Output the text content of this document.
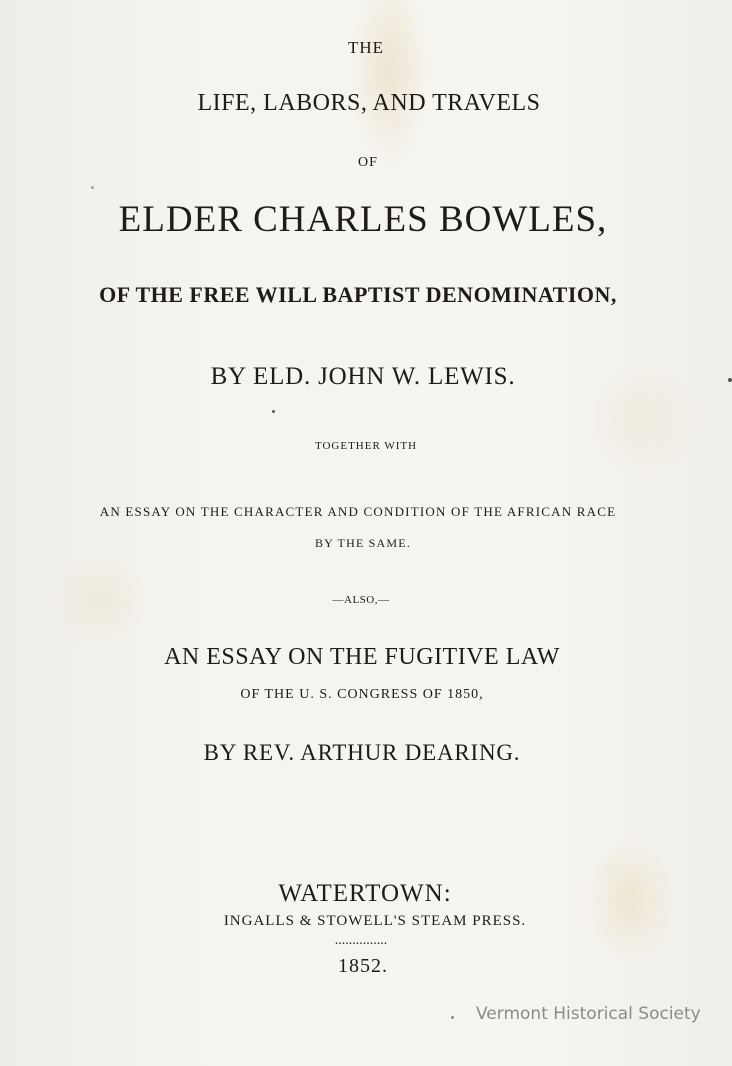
THE
LIFE, LABORS, AND TRAVELS
OF
ELDER CHARLES BOWLES,
OF THE FREE WILL BAPTIST DENOMINATION,
BY ELD. JOHN W. LEWIS.
TOGETHER WITH
AN ESSAY ON THE CHARACTER AND CONDITION OF THE AFRICAN RACE
BY THE SAME.
—ALSO,—
AN ESSAY ON THE FUGITIVE LAW
OF THE U. S. CONGRESS OF 1850,
BY REV. ARTHUR DEARING.
WATERTOWN:
INGALLS & STOWELL'S STEAM PRESS.
...............
1852.
Vermont Historical Society
